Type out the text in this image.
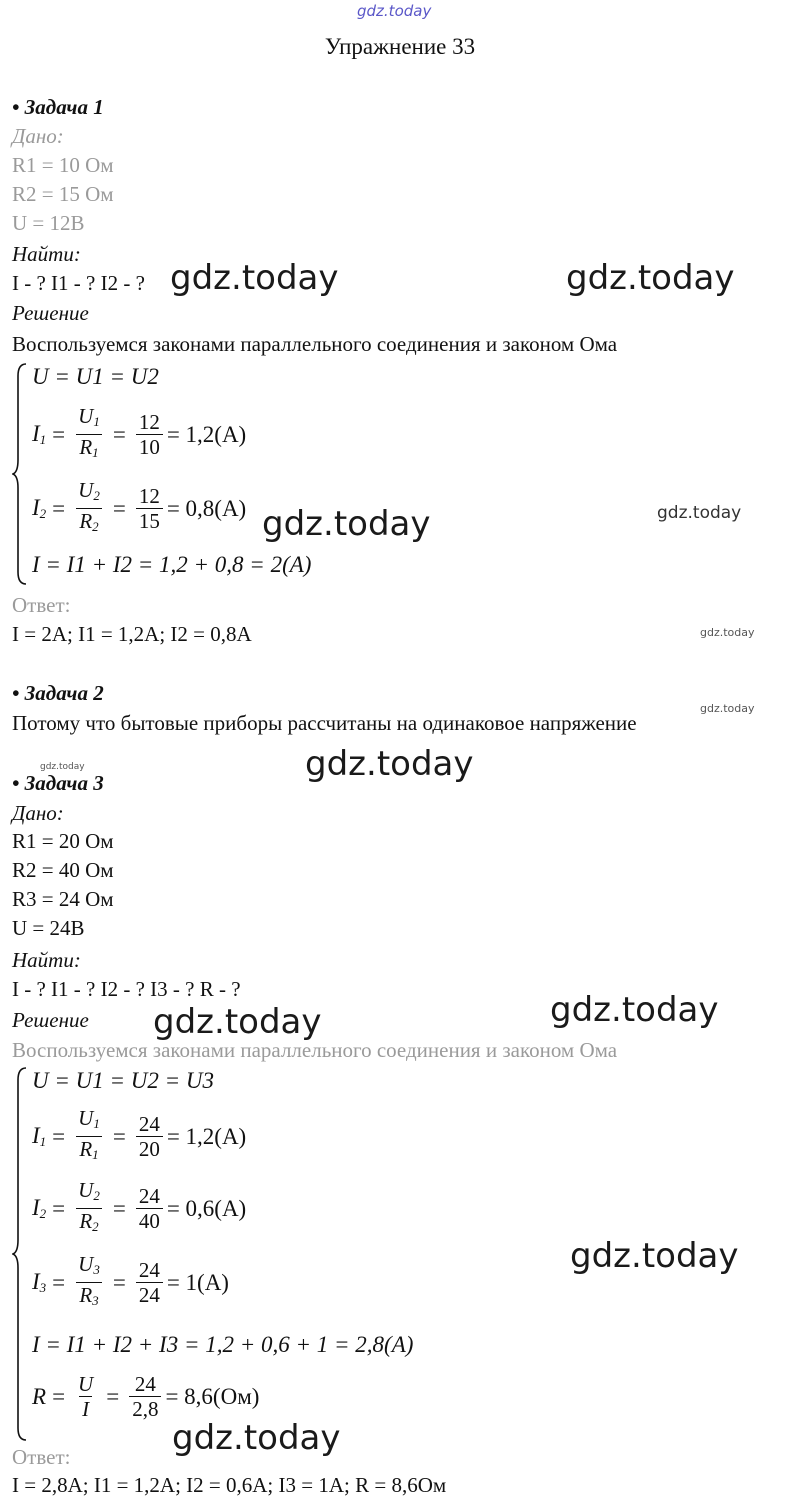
gdz.today
gdz.today	gdz.today
gdz.today	gdz.today
gdz.today
gdz.today
gdz.today	gdz.today
gdz.today
gdz.today
gdz.today
gdz.today
Упражнение 33
• Задача 1
Дано:
R1 = 10 Ом
R2 = 15 Ом
U = 12В
Найти:
I - ? I1 - ? I2 - ?
Решение
Воспользуемся законами параллельного соединения и законом Ома
U = U1 = U2
$I_1 = \frac{U_1}{R_1} = \frac{12}{10} = 1,2(A)$
$I_2 = \frac{U_2}{R_2} = \frac{12}{15} = 0,8(A)$
I = I1 + I2 = 1,2 + 0,8 = 2(A)
Ответ:
I = 2A; I1 = 1,2A; I2 = 0,8A
• Задача 2
Потому что бытовые приборы рассчитаны на одинаковое напряжение
• Задача 3
Дано:
R1 = 20 Ом
R2 = 40 Ом
R3 = 24 Ом
U = 24В
Найти:
I - ? I1 - ? I2 - ? I3 - ? R - ?
Решение
Воспользуемся законами параллельного соединения и законом Ома
U = U1 = U2 = U3
$I_1 = \frac{U_1}{R_1} = \frac{24}{20} = 1,2(A)$
$I_2 = \frac{U_2}{R_2} = \frac{24}{40} = 0,6(A)$
$I_3 = \frac{U_3}{R_3} = \frac{24}{24} = 1(A)$
I = I1 + I2 + I3 = 1,2 + 0,6 + 1 = 2,8(A)
$R = \frac{U}{I} = \frac{24}{2,8} = 8,6(Ом)$
Ответ:
I = 2,8A; I1 = 1,2A; I2 = 0,6A; I3 = 1A; R = 8,6Ом
